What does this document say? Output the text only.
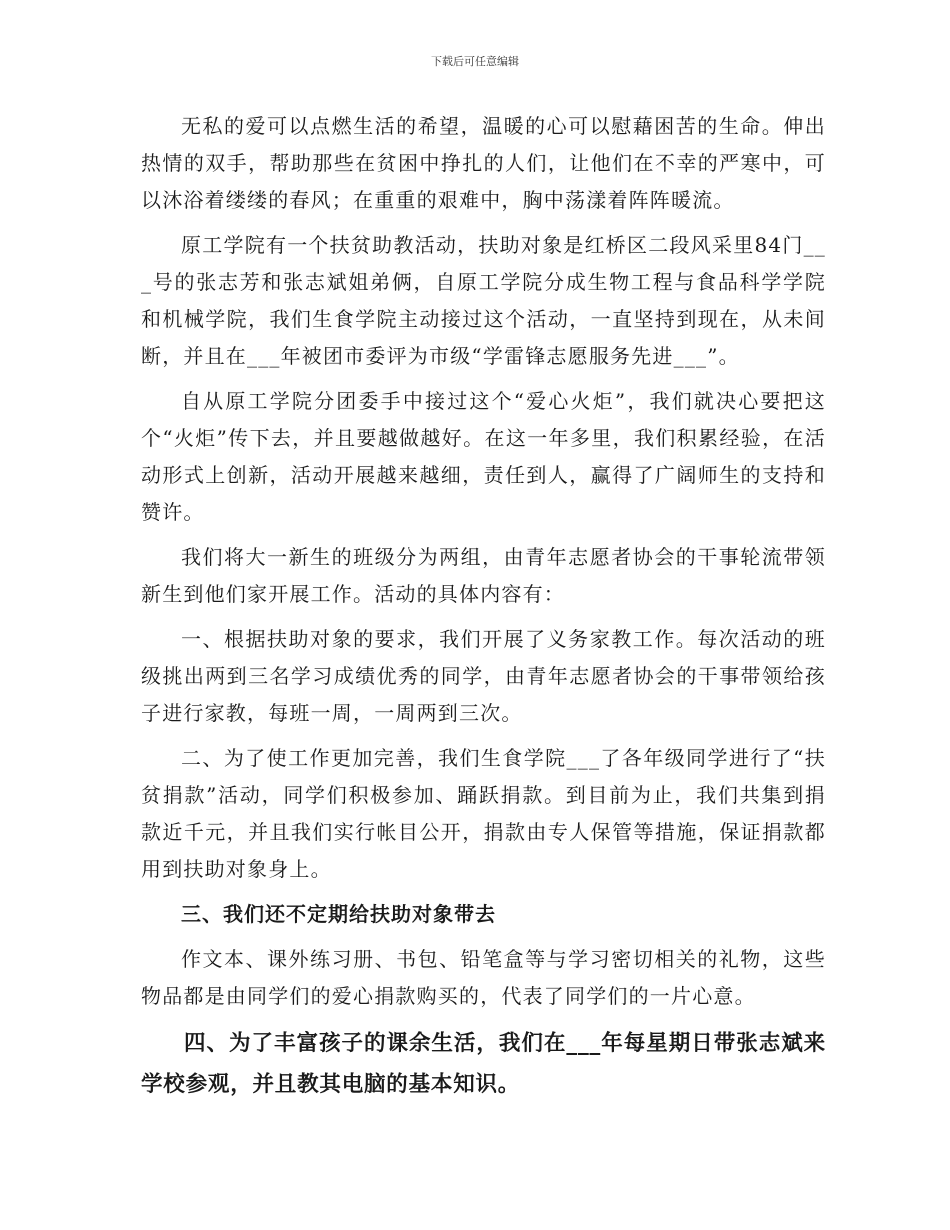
下载后可任意编辑

无私的爱可以点燃生活的希望，温暖的心可以慰藉困苦的生命。伸出热情的双手，帮助那些在贫困中挣扎的人们，让他们在不幸的严寒中，可以沐浴着缕缕的春风；在重重的艰难中，胸中荡漾着阵阵暖流。

原工学院有一个扶贫助教活动，扶助对象是红桥区二段风采里84门___号的张志芳和张志斌姐弟俩，自原工学院分成生物工程与食品科学学院和机械学院，我们生食学院主动接过这个活动，一直坚持到现在，从未间断，并且在___年被团市委评为市级“学雷锋志愿服务先进___”。

自从原工学院分团委手中接过这个“爱心火炬”，我们就决心要把这个“火炬”传下去，并且要越做越好。在这一年多里，我们积累经验，在活动形式上创新，活动开展越来越细，责任到人，赢得了广阔师生的支持和赞许。

我们将大一新生的班级分为两组，由青年志愿者协会的干事轮流带领新生到他们家开展工作。活动的具体内容有：

一、根据扶助对象的要求，我们开展了义务家教工作。每次活动的班级挑出两到三名学习成绩优秀的同学，由青年志愿者协会的干事带领给孩子进行家教，每班一周，一周两到三次。

二、为了使工作更加完善，我们生食学院___了各年级同学进行了“扶贫捐款”活动，同学们积极参加、踊跃捐款。到目前为止，我们共集到捐款近千元，并且我们实行帐目公开，捐款由专人保管等措施，保证捐款都用到扶助对象身上。

三、我们还不定期给扶助对象带去

作文本、课外练习册、书包、铅笔盒等与学习密切相关的礼物，这些物品都是由同学们的爱心捐款购买的，代表了同学们的一片心意。

四、为了丰富孩子的课余生活，我们在___年每星期日带张志斌来学校参观，并且教其电脑的基本知识。
